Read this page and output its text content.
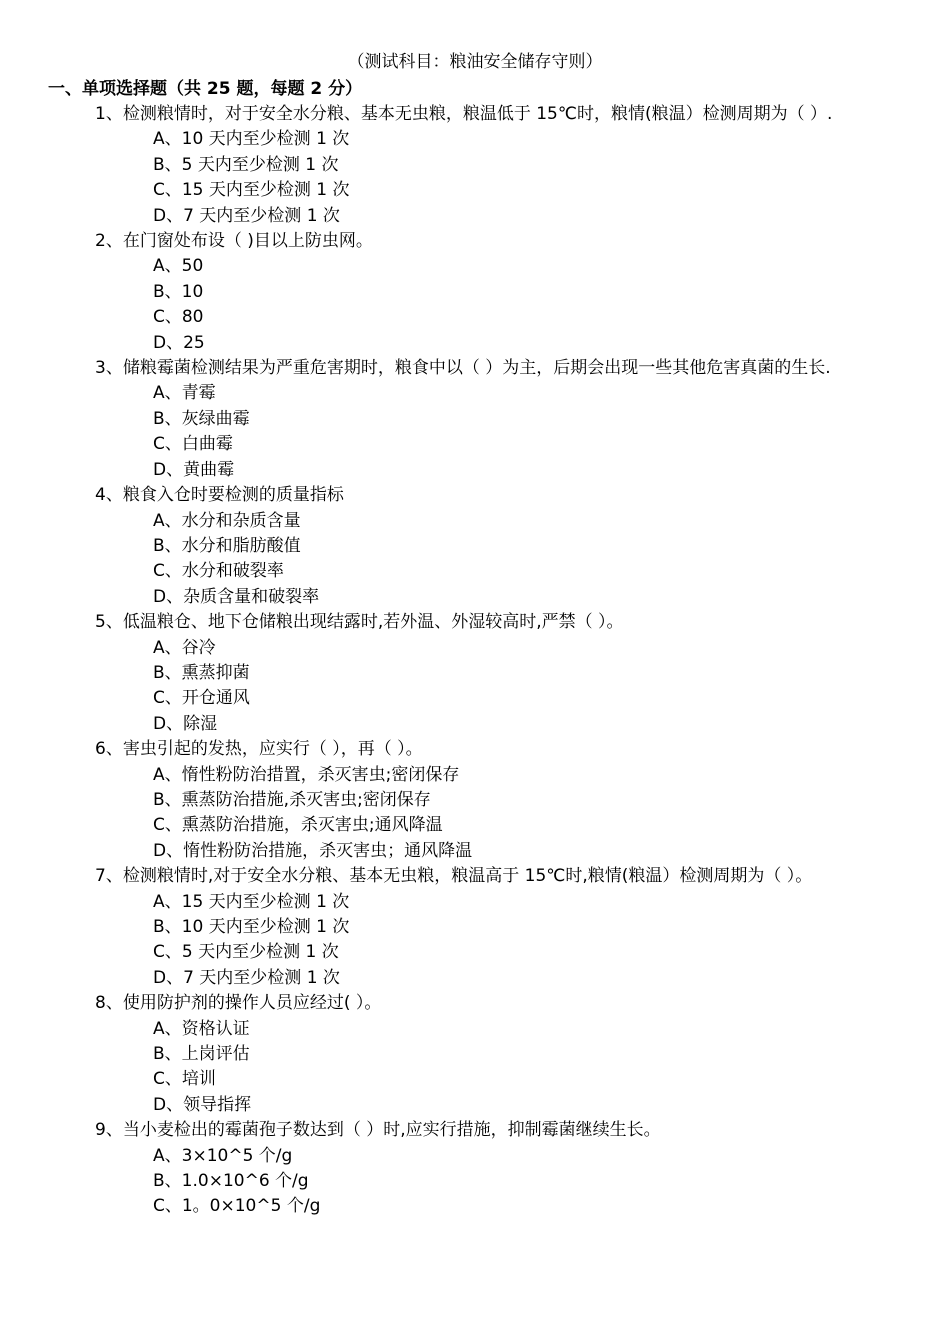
（测试科目：粮油安全储存守则）
一、单项选择题（共 25 题，每题 2 分）
1、检测粮情时，对于安全水分粮、基本无虫粮，粮温低于 15℃时，粮情(粮温）检测周期为（ ）.
A、10 天内至少检测 1 次
B、5 天内至少检测 1 次
C、15 天内至少检测 1 次
D、7 天内至少检测 1 次
2、在门窗处布设（ )目以上防虫网。
A、50
B、10
C、80
D、25
3、储粮霉菌检测结果为严重危害期时，粮食中以（ ）为主，后期会出现一些其他危害真菌的生长.
A、青霉
B、灰绿曲霉
C、白曲霉
D、黄曲霉
4、粮食入仓时要检测的质量指标
A、水分和杂质含量
B、水分和脂肪酸值
C、水分和破裂率
D、杂质含量和破裂率
5、低温粮仓、地下仓储粮出现结露时,若外温、外湿较高时,严禁（ ）。
A、谷冷
B、熏蒸抑菌
C、开仓通风
D、除湿
6、害虫引起的发热，应实行（ ），再（ ）。
A、惰性粉防治措置，杀灭害虫;密闭保存
B、熏蒸防治措施,杀灭害虫;密闭保存
C、熏蒸防治措施，杀灭害虫;通风降温
D、惰性粉防治措施，杀灭害虫；通风降温
7、检测粮情时,对于安全水分粮、基本无虫粮，粮温高于 15℃时,粮情(粮温）检测周期为（ ）。
A、15 天内至少检测 1 次
B、10 天内至少检测 1 次
C、5 天内至少检测 1 次
D、7 天内至少检测 1 次
8、使用防护剂的操作人员应经过( ）。
A、资格认证
B、上岗评估
C、培训
D、领导指挥
9、当小麦检出的霉菌孢子数达到（ ）时,应实行措施，抑制霉菌继续生长。
A、3×10^5 个/g
B、1.0×10^6 个/g
C、1。0×10^5 个/g
